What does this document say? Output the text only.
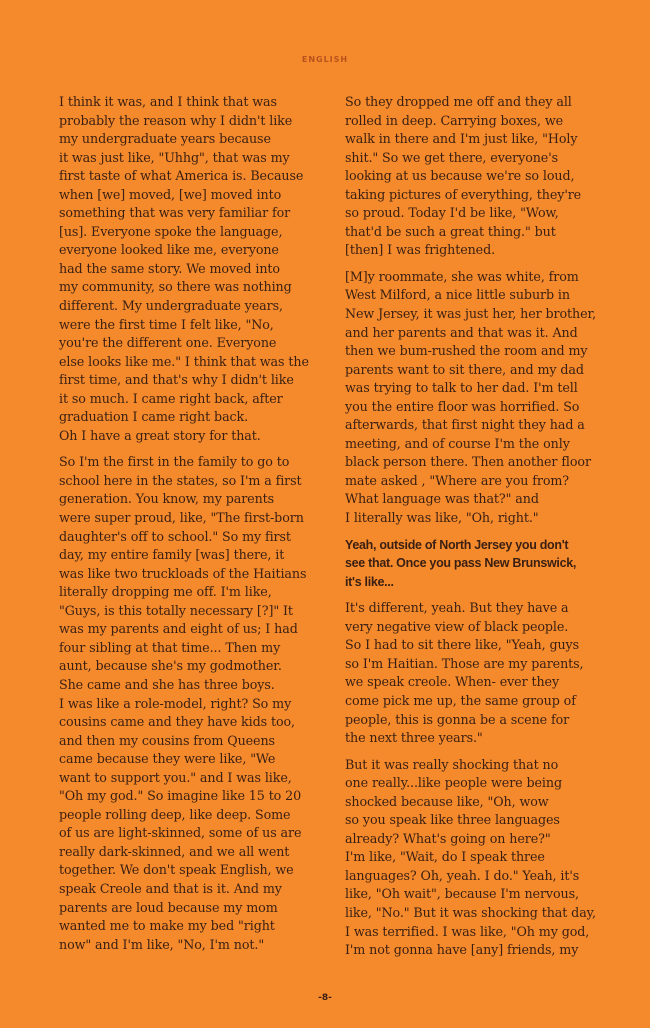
ENGLISH

I think it was, and I think that was
probably the reason why I didn't like
my undergraduate years because
it was just like, "Uhhg", that was my
first taste of what America is. Because
when [we] moved, [we] moved into
something that was very familiar for
[us]. Everyone spoke the language,
everyone looked like me, everyone
had the same story. We moved into
my community, so there was nothing
different. My undergraduate years,
were the first time I felt like, "No,
you're the different one. Everyone
else looks like me." I think that was the
first time, and that's why I didn't like
it so much. I came right back, after
graduation I came right back.
Oh I have a great story for that.

So I'm the first in the family to go to
school here in the states, so I'm a first
generation. You know, my parents
were super proud, like, "The first-born
daughter's off to school." So my first
day, my entire family [was] there, it
was like two truckloads of the Haitians
literally dropping me off. I'm like,
"Guys, is this totally necessary [?]" It
was my parents and eight of us; I had
four sibling at that time... Then my
aunt, because she's my godmother.
She came and she has three boys.
I was like a role-model, right? So my
cousins came and they have kids too,
and then my cousins from Queens
came because they were like, "We
want to support you." and I was like,
"Oh my god." So imagine like 15 to 20
people rolling deep, like deep. Some
of us are light-skinned, some of us are
really dark-skinned, and we all went
together. We don't speak English, we
speak Creole and that is it. And my
parents are loud because my mom
wanted me to make my bed "right
now" and I'm like, "No, I'm not."

So they dropped me off and they all
rolled in deep. Carrying boxes, we
walk in there and I'm just like, "Holy
shit." So we get there, everyone's
looking at us because we're so loud,
taking pictures of everything, they're
so proud. Today I'd be like, "Wow,
that'd be such a great thing." but
[then] I was frightened.

[M]y roommate, she was white, from
West Milford, a nice little suburb in
New Jersey, it was just her, her brother,
and her parents and that was it. And
then we bum-rushed the room and my
parents want to sit there, and my dad
was trying to talk to her dad. I'm tell
you the entire floor was horrified. So
afterwards, that first night they had a
meeting, and of course I'm the only
black person there. Then another floor
mate asked , "Where are you from?
What language was that?" and
I literally was like, "Oh, right."

Yeah, outside of North Jersey you don't
see that. Once you pass New Brunswick,
it's like...

It's different, yeah. But they have a
very negative view of black people.
So I had to sit there like, "Yeah, guys
so I'm Haitian. Those are my parents,
we speak creole. When- ever they
come pick me up, the same group of
people, this is gonna be a scene for
the next three years."

But it was really shocking that no
one really...like people were being
shocked because like, "Oh, wow
so you speak like three languages
already? What's going on here?"
I'm like, "Wait, do I speak three
languages? Oh, yeah. I do." Yeah, it's
like, "Oh wait", because I'm nervous,
like, "No." But it was shocking that day,
I was terrified. I was like, "Oh my god,
I'm not gonna have [any] friends, my

-8-
